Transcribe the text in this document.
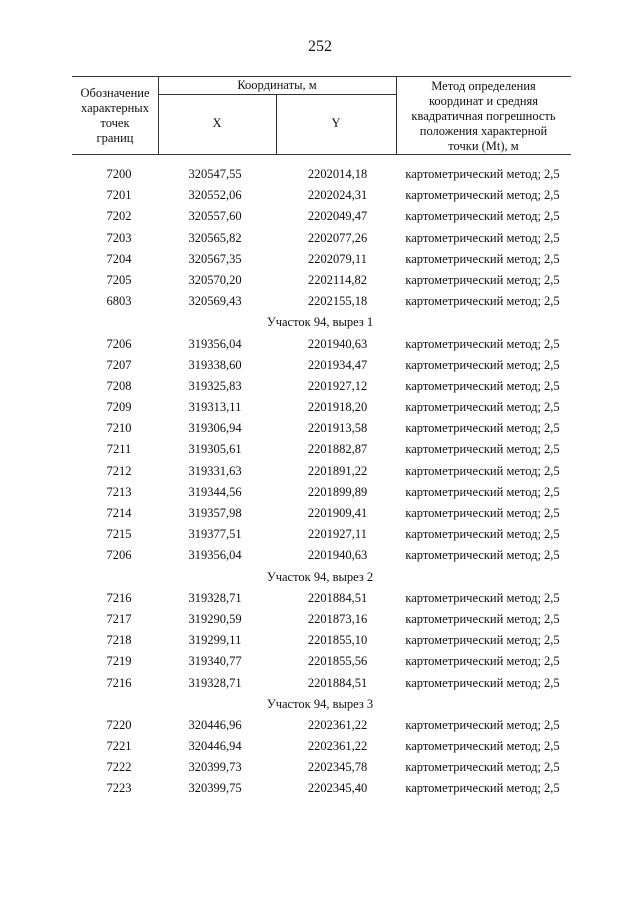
252
Обозначение
характерных
точек
границ
Координаты, м
X	Y
Метод определения
координат и средняя
квадратичная погрешность
положения характерной
точки (Mt), м
7200	320547,55	2202014,18	картометрический метод; 2,5
7201	320552,06	2202024,31	картометрический метод; 2,5
7202	320557,60	2202049,47	картометрический метод; 2,5
7203	320565,82	2202077,26	картометрический метод; 2,5
7204	320567,35	2202079,11	картометрический метод; 2,5
7205	320570,20	2202114,82	картометрический метод; 2,5
6803	320569,43	2202155,18	картометрический метод; 2,5
Участок 94, вырез 1
7206	319356,04	2201940,63	картометрический метод; 2,5
7207	319338,60	2201934,47	картометрический метод; 2,5
7208	319325,83	2201927,12	картометрический метод; 2,5
7209	319313,11	2201918,20	картометрический метод; 2,5
7210	319306,94	2201913,58	картометрический метод; 2,5
7211	319305,61	2201882,87	картометрический метод; 2,5
7212	319331,63	2201891,22	картометрический метод; 2,5
7213	319344,56	2201899,89	картометрический метод; 2,5
7214	319357,98	2201909,41	картометрический метод; 2,5
7215	319377,51	2201927,11	картометрический метод; 2,5
7206	319356,04	2201940,63	картометрический метод; 2,5
Участок 94, вырез 2
7216	319328,71	2201884,51	картометрический метод; 2,5
7217	319290,59	2201873,16	картометрический метод; 2,5
7218	319299,11	2201855,10	картометрический метод; 2,5
7219	319340,77	2201855,56	картометрический метод; 2,5
7216	319328,71	2201884,51	картометрический метод; 2,5
Участок 94, вырез 3
7220	320446,96	2202361,22	картометрический метод; 2,5
7221	320446,94	2202361,22	картометрический метод; 2,5
7222	320399,73	2202345,78	картометрический метод; 2,5
7223	320399,75	2202345,40	картометрический метод; 2,5
